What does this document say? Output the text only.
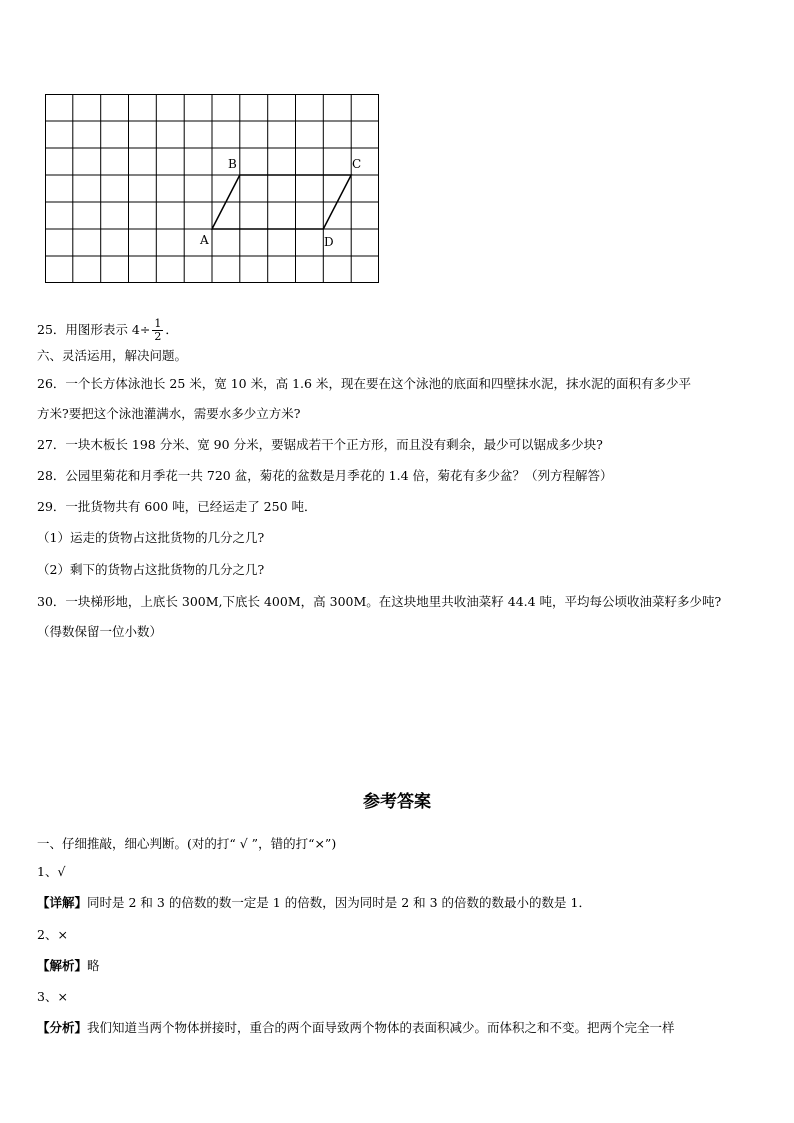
A
B	C
D
25．用图形表示 $4\div \frac{1}{2}$ ．
六、灵活运用，解决问题。
26．一个长方体泳池长 25 米，宽 10 米，高 1.6 米，现在要在这个泳池的底面和四壁抹水泥，抹水泥的面积有多少平
方米?要把这个泳池灌满水，需要水多少立方米?
27．一块木板长 198 分米、宽 90 分米，要锯成若干个正方形，而且没有剩余，最少可以锯成多少块?
28．公园里菊花和月季花一共 720 盆，菊花的盆数是月季花的 1.4 倍，菊花有多少盆？（列方程解答）
29．一批货物共有 600 吨，已经运走了 250 吨．
（1）运走的货物占这批货物的几分之几?
（2）剩下的货物占这批货物的几分之几?
30．一块梯形地，上底长 300M,下底长 400M，高 300M。在这块地里共收油菜籽 44.4 吨，平均每公顷收油菜籽多少吨?
（得数保留一位小数）
参考答案
一、仔细推敲，细心判断。(对的打“ √ ”，错的打“×”)
1、√
【详解】同时是 2 和 3 的倍数的数一定是 1 的倍数，因为同时是 2 和 3 的倍数的数最小的数是 1．
2、×
【解析】略
3、×
【分析】我们知道当两个物体拼接时，重合的两个面导致两个物体的表面积减少。而体积之和不变。把两个完全一样
